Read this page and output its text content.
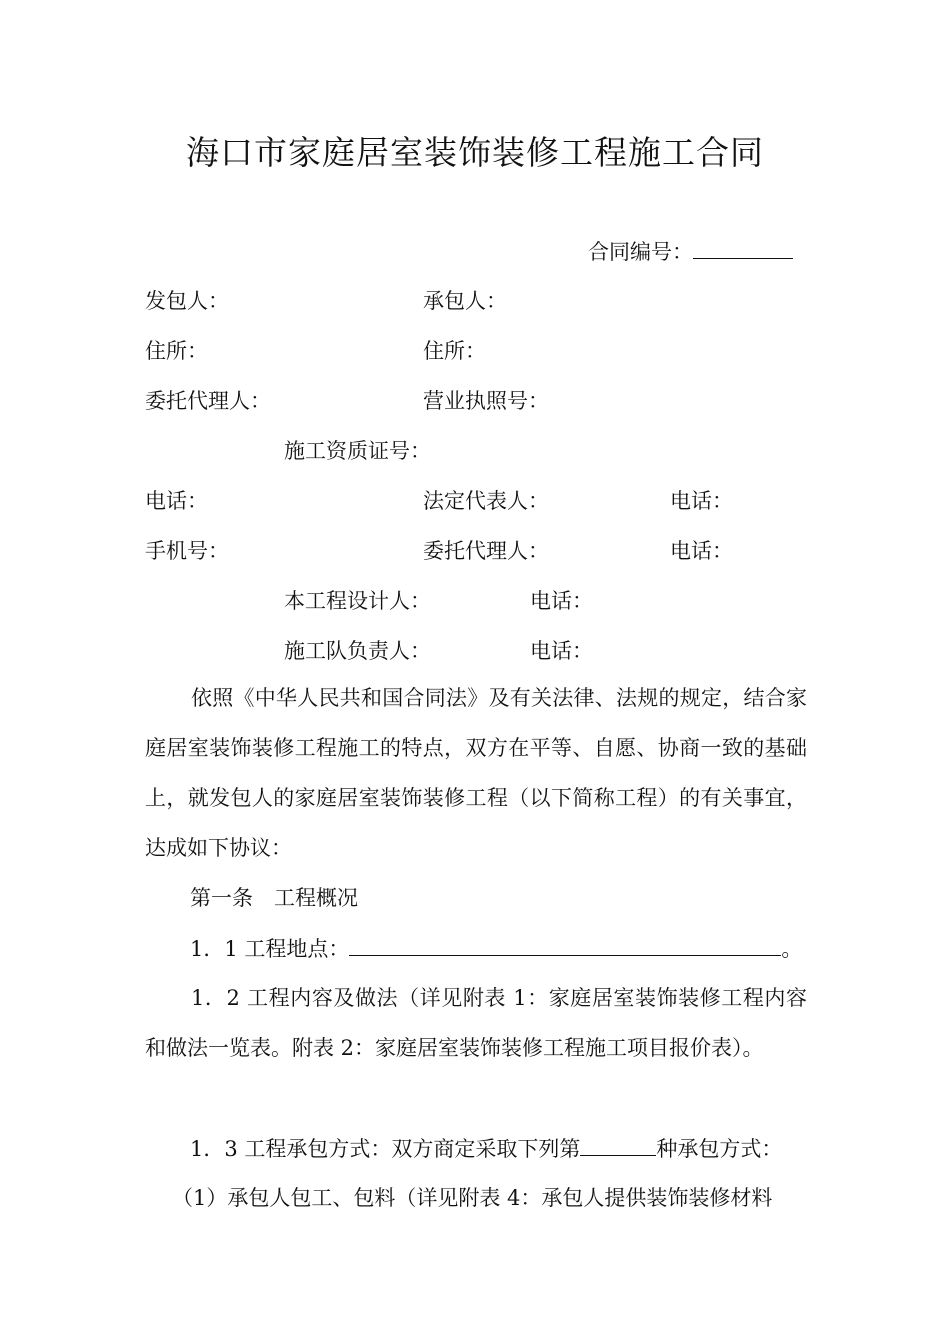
海口市家庭居室装饰装修工程施工合同
合同编号：
发包人：	承包人：
住所：	住所：
委托代理人：	营业执照号：
施工资质证号：
电话：	法定代表人：	电话：
手机号：	委托代理人：	电话：
本工程设计人：	电话：
施工队负责人：	电话：
依照《中华人民共和国合同法》及有关法律、法规的规定，结合家庭居室装饰装修工程施工的特点，双方在平等、自愿、协商一致的基础上，就发包人的家庭居室装饰装修工程（以下简称工程）的有关事宜，达成如下协议：
第一条　工程概况
1．1 工程地点：	。
1．2 工程内容及做法（详见附表 1：家庭居室装饰装修工程内容和做法一览表。附表 2：家庭居室装饰装修工程施工项目报价表）。
1．3 工程承包方式：双方商定采取下列第	种承包方式：
（1）承包人包工、包料（详见附表 4：承包人提供装饰装修材料
